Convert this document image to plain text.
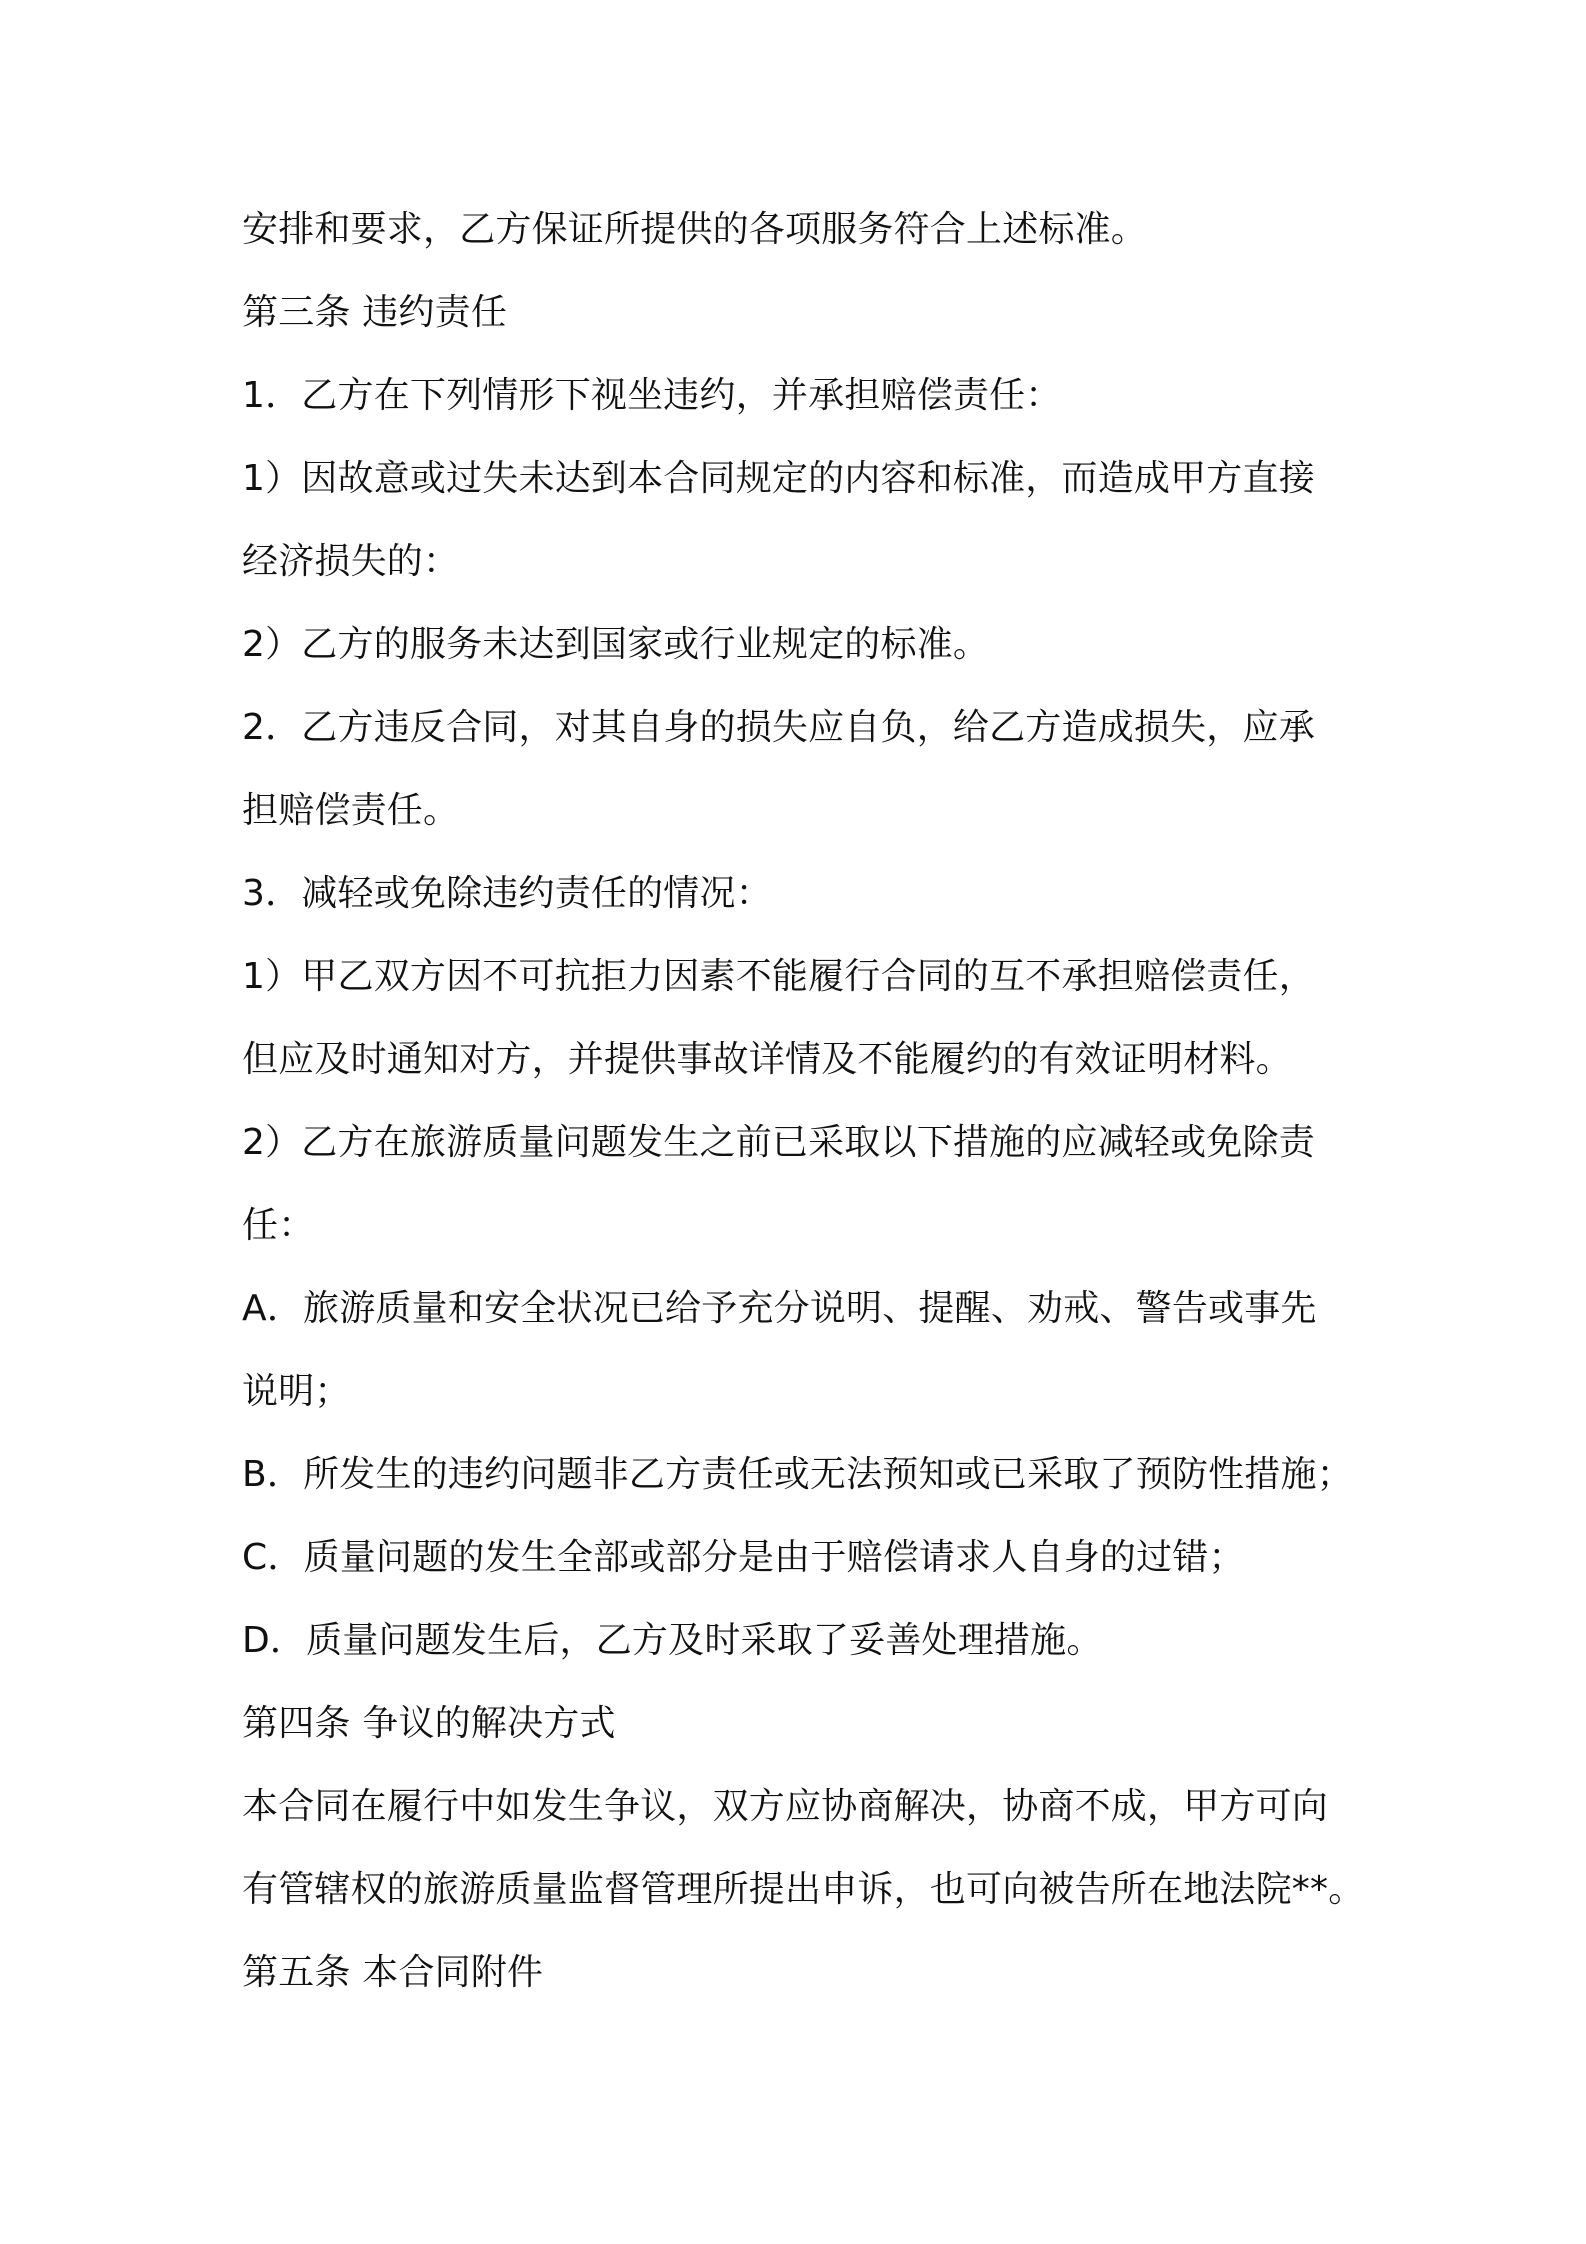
安排和要求，乙方保证所提供的各项服务符合上述标准。
第三条 违约责任
1．乙方在下列情形下视坐违约，并承担赔偿责任：
1）因故意或过失未达到本合同规定的内容和标准，而造成甲方直接
经济损失的：
2）乙方的服务未达到国家或行业规定的标准。
2．乙方违反合同，对其自身的损失应自负，给乙方造成损失，应承
担赔偿责任。
3．减轻或免除违约责任的情况：
1）甲乙双方因不可抗拒力因素不能履行合同的互不承担赔偿责任，
但应及时通知对方，并提供事故详情及不能履约的有效证明材料。
2）乙方在旅游质量问题发生之前已采取以下措施的应减轻或免除责
任：
A．旅游质量和安全状况已给予充分说明、提醒、劝戒、警告或事先
说明；
B．所发生的违约问题非乙方责任或无法预知或已采取了预防性措施；
C．质量问题的发生全部或部分是由于赔偿请求人自身的过错；
D．质量问题发生后，乙方及时采取了妥善处理措施。
第四条 争议的解决方式
本合同在履行中如发生争议，双方应协商解决，协商不成，甲方可向
有管辖权的旅游质量监督管理所提出申诉，也可向被告所在地法院**。
第五条 本合同附件
